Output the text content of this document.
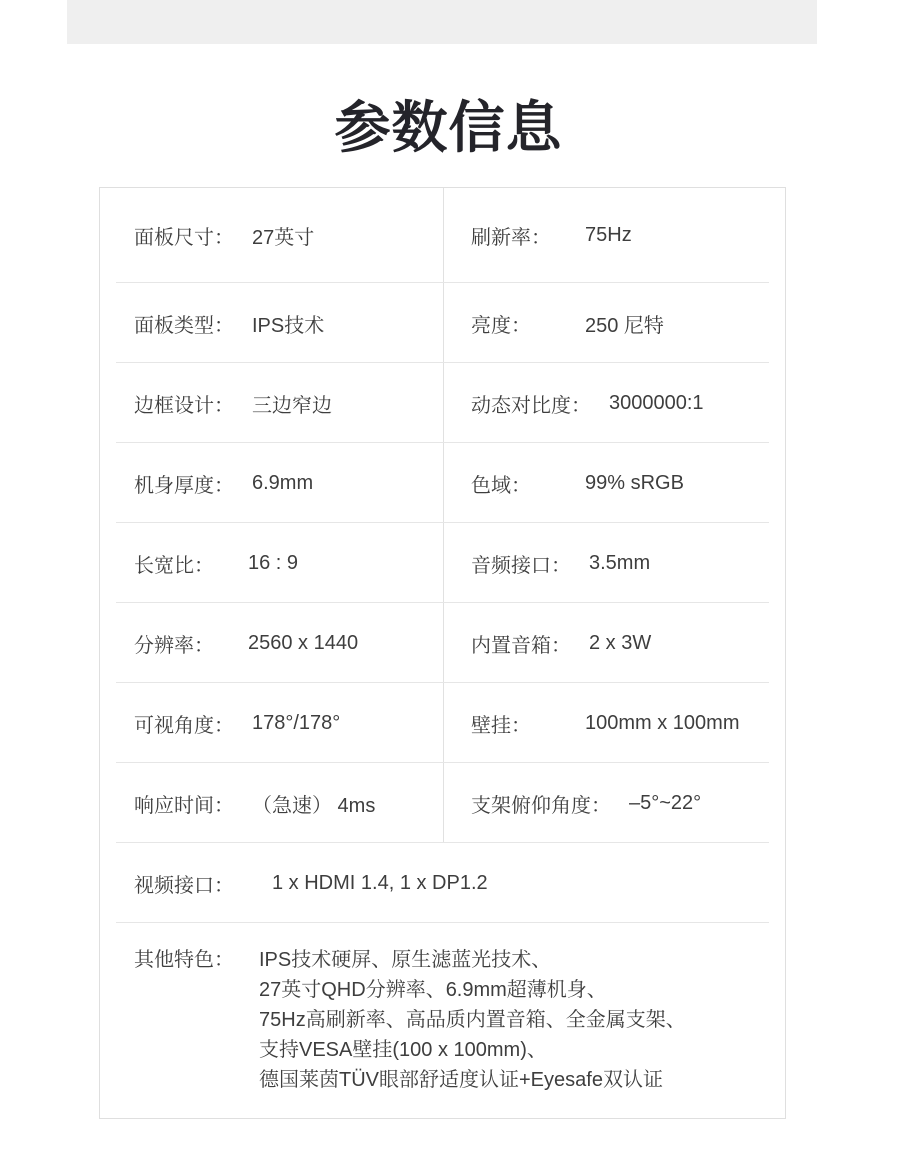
参数信息
面板尺寸： 27英寸	刷新率：	75Hz
面板类型： IPS技术	亮度：	250 尼特
边框设计： 三边窄边	动态对比度： 3000000:1
机身厚度： 6.9mm	色域：	99% sRGB
长宽比：	16 : 9	音频接口： 3.5mm
分辨率：	2560 x 1440	内置音箱： 2 x 3W
可视角度： 178°/178°	壁挂：	100mm x 100mm
响应时间： （急速） 4ms	支架俯仰角度： –5°~22°
视频接口：	1 x HDMI 1.4, 1 x DP1.2
其他特色：	IPS技术硬屏、原生滤蓝光技术、
27英寸QHD分辨率、6.9mm超薄机身、
75Hz高刷新率、高品质内置音箱、全金属支架、
支持VESA壁挂(100 x 100mm)、
德国莱茵TÜV眼部舒适度认证+Eyesafe双认证
